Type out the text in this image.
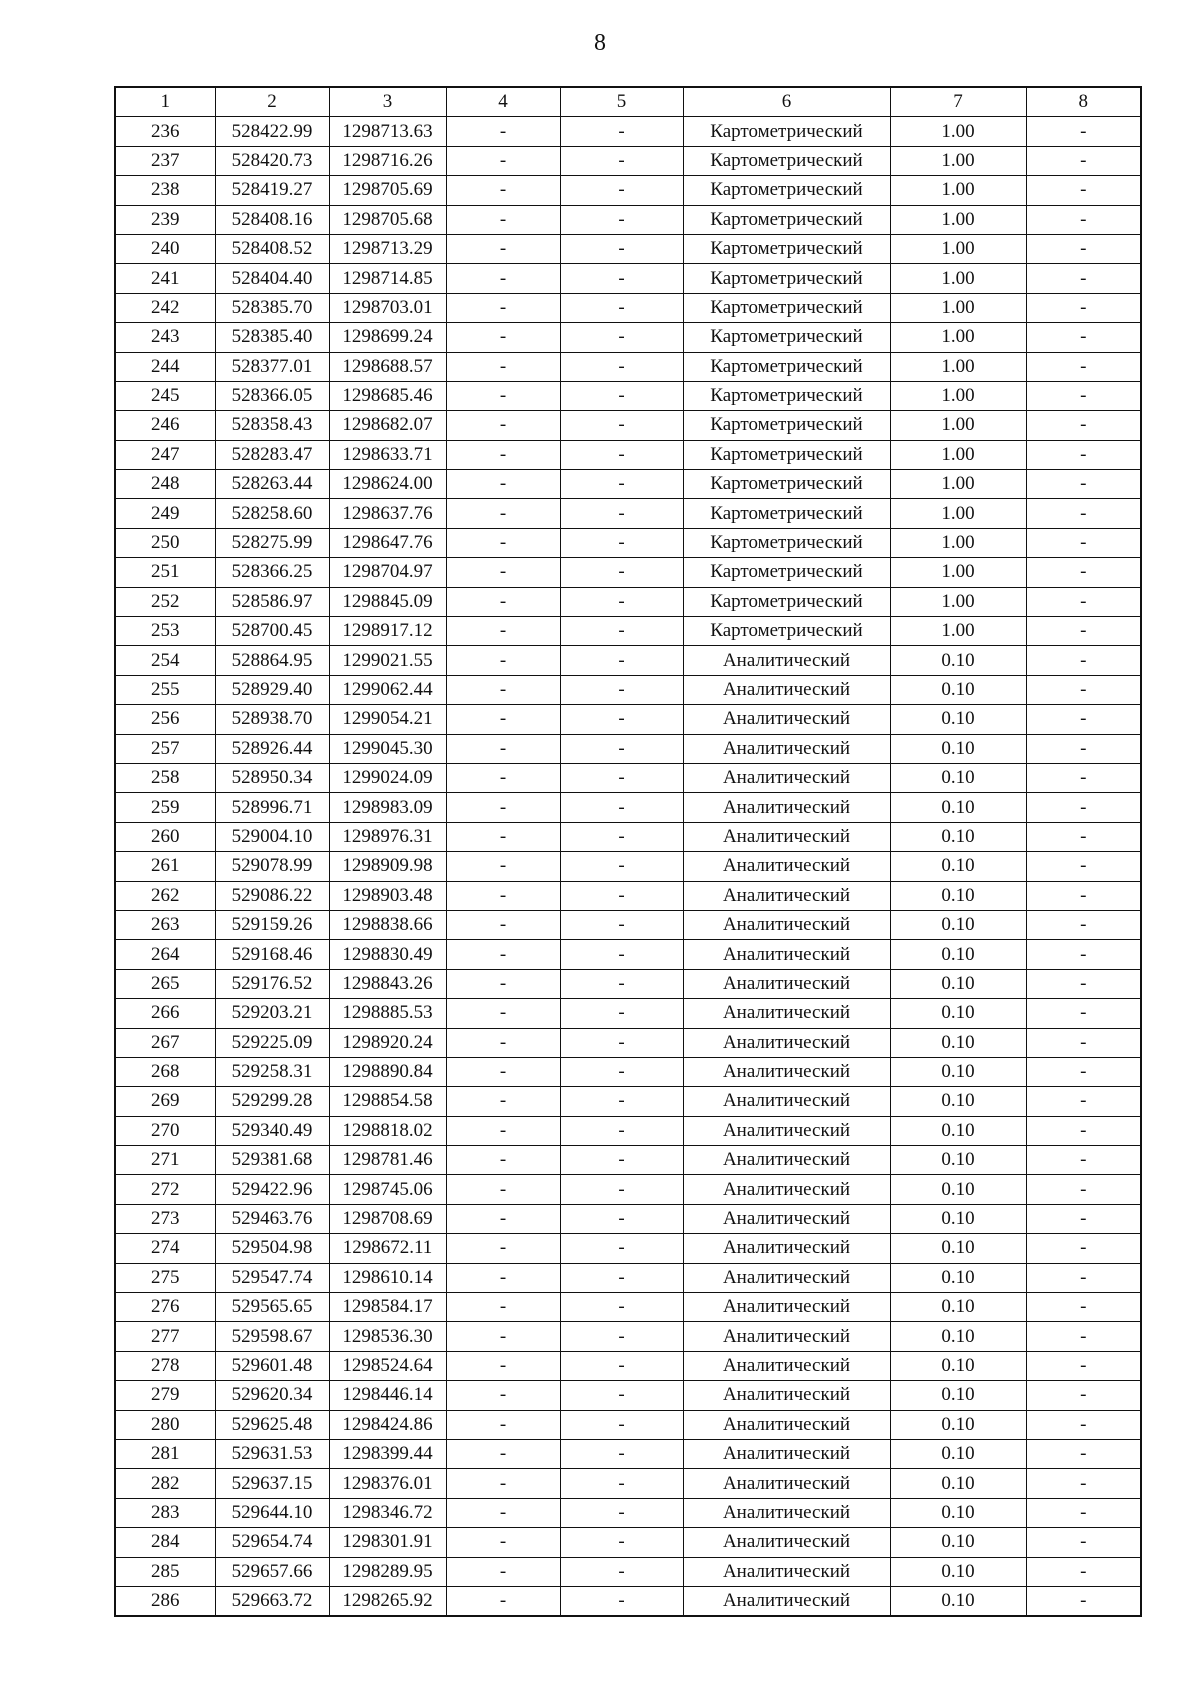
8
1	2	3	4	5	6	7	8
236	528422.99	1298713.63	-	-	Картометрический	1.00	-
237	528420.73	1298716.26	-	-	Картометрический	1.00	-
238	528419.27	1298705.69	-	-	Картометрический	1.00	-
239	528408.16	1298705.68	-	-	Картометрический	1.00	-
240	528408.52	1298713.29	-	-	Картометрический	1.00	-
241	528404.40	1298714.85	-	-	Картометрический	1.00	-
242	528385.70	1298703.01	-	-	Картометрический	1.00	-
243	528385.40	1298699.24	-	-	Картометрический	1.00	-
244	528377.01	1298688.57	-	-	Картометрический	1.00	-
245	528366.05	1298685.46	-	-	Картометрический	1.00	-
246	528358.43	1298682.07	-	-	Картометрический	1.00	-
247	528283.47	1298633.71	-	-	Картометрический	1.00	-
248	528263.44	1298624.00	-	-	Картометрический	1.00	-
249	528258.60	1298637.76	-	-	Картометрический	1.00	-
250	528275.99	1298647.76	-	-	Картометрический	1.00	-
251	528366.25	1298704.97	-	-	Картометрический	1.00	-
252	528586.97	1298845.09	-	-	Картометрический	1.00	-
253	528700.45	1298917.12	-	-	Картометрический	1.00	-
254	528864.95	1299021.55	-	-	Аналитический	0.10	-
255	528929.40	1299062.44	-	-	Аналитический	0.10	-
256	528938.70	1299054.21	-	-	Аналитический	0.10	-
257	528926.44	1299045.30	-	-	Аналитический	0.10	-
258	528950.34	1299024.09	-	-	Аналитический	0.10	-
259	528996.71	1298983.09	-	-	Аналитический	0.10	-
260	529004.10	1298976.31	-	-	Аналитический	0.10	-
261	529078.99	1298909.98	-	-	Аналитический	0.10	-
262	529086.22	1298903.48	-	-	Аналитический	0.10	-
263	529159.26	1298838.66	-	-	Аналитический	0.10	-
264	529168.46	1298830.49	-	-	Аналитический	0.10	-
265	529176.52	1298843.26	-	-	Аналитический	0.10	-
266	529203.21	1298885.53	-	-	Аналитический	0.10	-
267	529225.09	1298920.24	-	-	Аналитический	0.10	-
268	529258.31	1298890.84	-	-	Аналитический	0.10	-
269	529299.28	1298854.58	-	-	Аналитический	0.10	-
270	529340.49	1298818.02	-	-	Аналитический	0.10	-
271	529381.68	1298781.46	-	-	Аналитический	0.10	-
272	529422.96	1298745.06	-	-	Аналитический	0.10	-
273	529463.76	1298708.69	-	-	Аналитический	0.10	-
274	529504.98	1298672.11	-	-	Аналитический	0.10	-
275	529547.74	1298610.14	-	-	Аналитический	0.10	-
276	529565.65	1298584.17	-	-	Аналитический	0.10	-
277	529598.67	1298536.30	-	-	Аналитический	0.10	-
278	529601.48	1298524.64	-	-	Аналитический	0.10	-
279	529620.34	1298446.14	-	-	Аналитический	0.10	-
280	529625.48	1298424.86	-	-	Аналитический	0.10	-
281	529631.53	1298399.44	-	-	Аналитический	0.10	-
282	529637.15	1298376.01	-	-	Аналитический	0.10	-
283	529644.10	1298346.72	-	-	Аналитический	0.10	-
284	529654.74	1298301.91	-	-	Аналитический	0.10	-
285	529657.66	1298289.95	-	-	Аналитический	0.10	-
286	529663.72	1298265.92	-	-	Аналитический	0.10	-
